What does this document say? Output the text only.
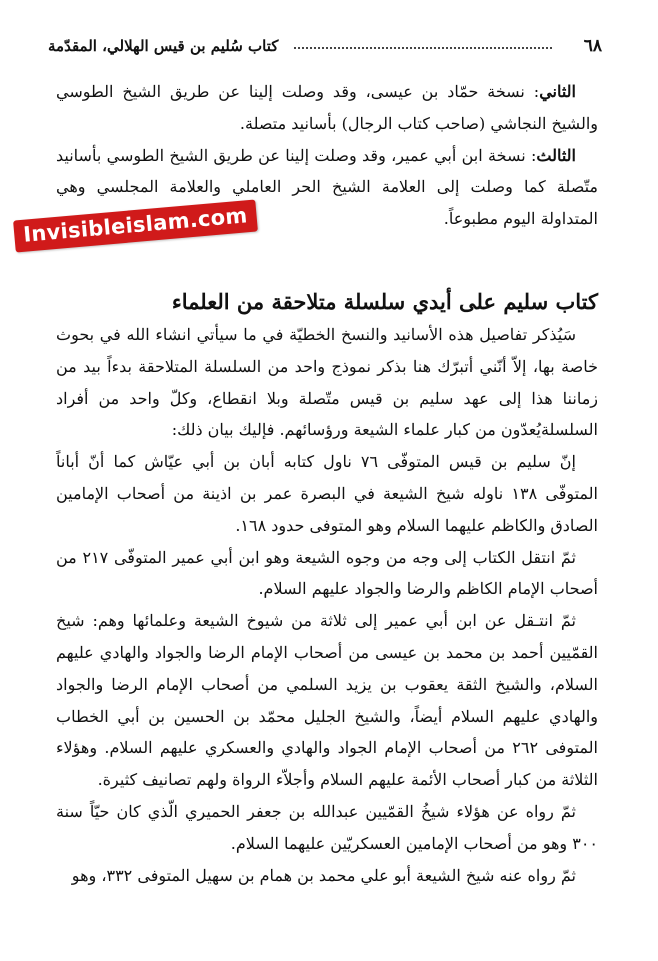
٦٨
كتاب سُليم بن قيس الهلالي، المقدّمة
Invisibleislam.com

الثاني: نسخة حمّاد بن عيسى، وقد وصلت إلينا عن طريق الشيخ الطوسي والشيخ النجاشي (صاحب كتاب الرجال) بأسانيد متصلة.

الثالث: نسخة ابن أبي عمير، وقد وصلت إلينا عن طريق الشيخ الطوسي بأسانيد متّصلة كما وصلت إلى العلامة الشيخ الحر العاملي والعلامة المجلسي وهي المتداولة اليوم مطبوعاً.

كتاب سليم على أيدي سلسلة متلاحقة من العلماء

سَيُذكر تفاصيل هذه الأسانيد والنسخ الخطيّة في ما سيأتي انشاء الله في بحوث خاصة بها، إلاّ أنّني أتبرّك هنا بذكر نموذج واحد من السلسلة المتلاحقة بدءاً بيد من زماننا هذا إلى عهد سليم بن قيس متّصلة وبلا انقطاع، وكلّ واحد من أفراد السلسلةيُعدّون من كبار علماء الشيعة ورؤسائهم. فإليك بيان ذلك:

إنّ سليم بن قيس المتوفّى ٧٦ ناول كتابه أبان بن أبي عيّاش كما أنّ أباناً المتوفّى ١٣٨ ناوله شيخ الشيعة في البصرة عمر بن اذينة من أصحاب الإمامين الصادق والكاظم عليهما السلام وهو المتوفى حدود ١٦٨.

ثمّ انتقل الكتاب إلى وجه من وجوه الشيعة وهو ابن أبي عمير المتوفّى ٢١٧ من أصحاب الإمام الكاظم والرضا والجواد عليهم السلام.

ثمّ انتـقل عن ابن أبي عمير إلى ثلاثة من شيوخ الشيعة وعلمائها وهم: شيخ القمّيين أحمد بن محمد بن عيسى من أصحاب الإمام الرضا والجواد والهادي عليهم السلام، والشيخ الثقة يعقوب بن يزيد السلمي من أصحاب الإمام الرضا والجواد والهادي عليهم السلام أيضاً، والشيخ الجليل محمّد بن الحسين بن أبي الخطاب المتوفى ٢٦٢ من أصحاب الإمام الجواد والهادي والعسكري عليهم السلام. وهؤلاء الثلاثة من كبار أصحاب الأئمة عليهم السلام وأجلاّء الرواة ولهم تصانيف كثيرة.

ثمّ رواه عن هؤلاء شيخُ القمّيين عبدالله بن جعفر الحميري الّذي كان حيّاً سنة ٣٠٠ وهو من أصحاب الإمامين العسكريّين عليهما السلام.

ثمّ رواه عنه شيخ الشيعة أبو علي محمد بن همام بن سهيل المتوفى ٣٣٢، وهو
